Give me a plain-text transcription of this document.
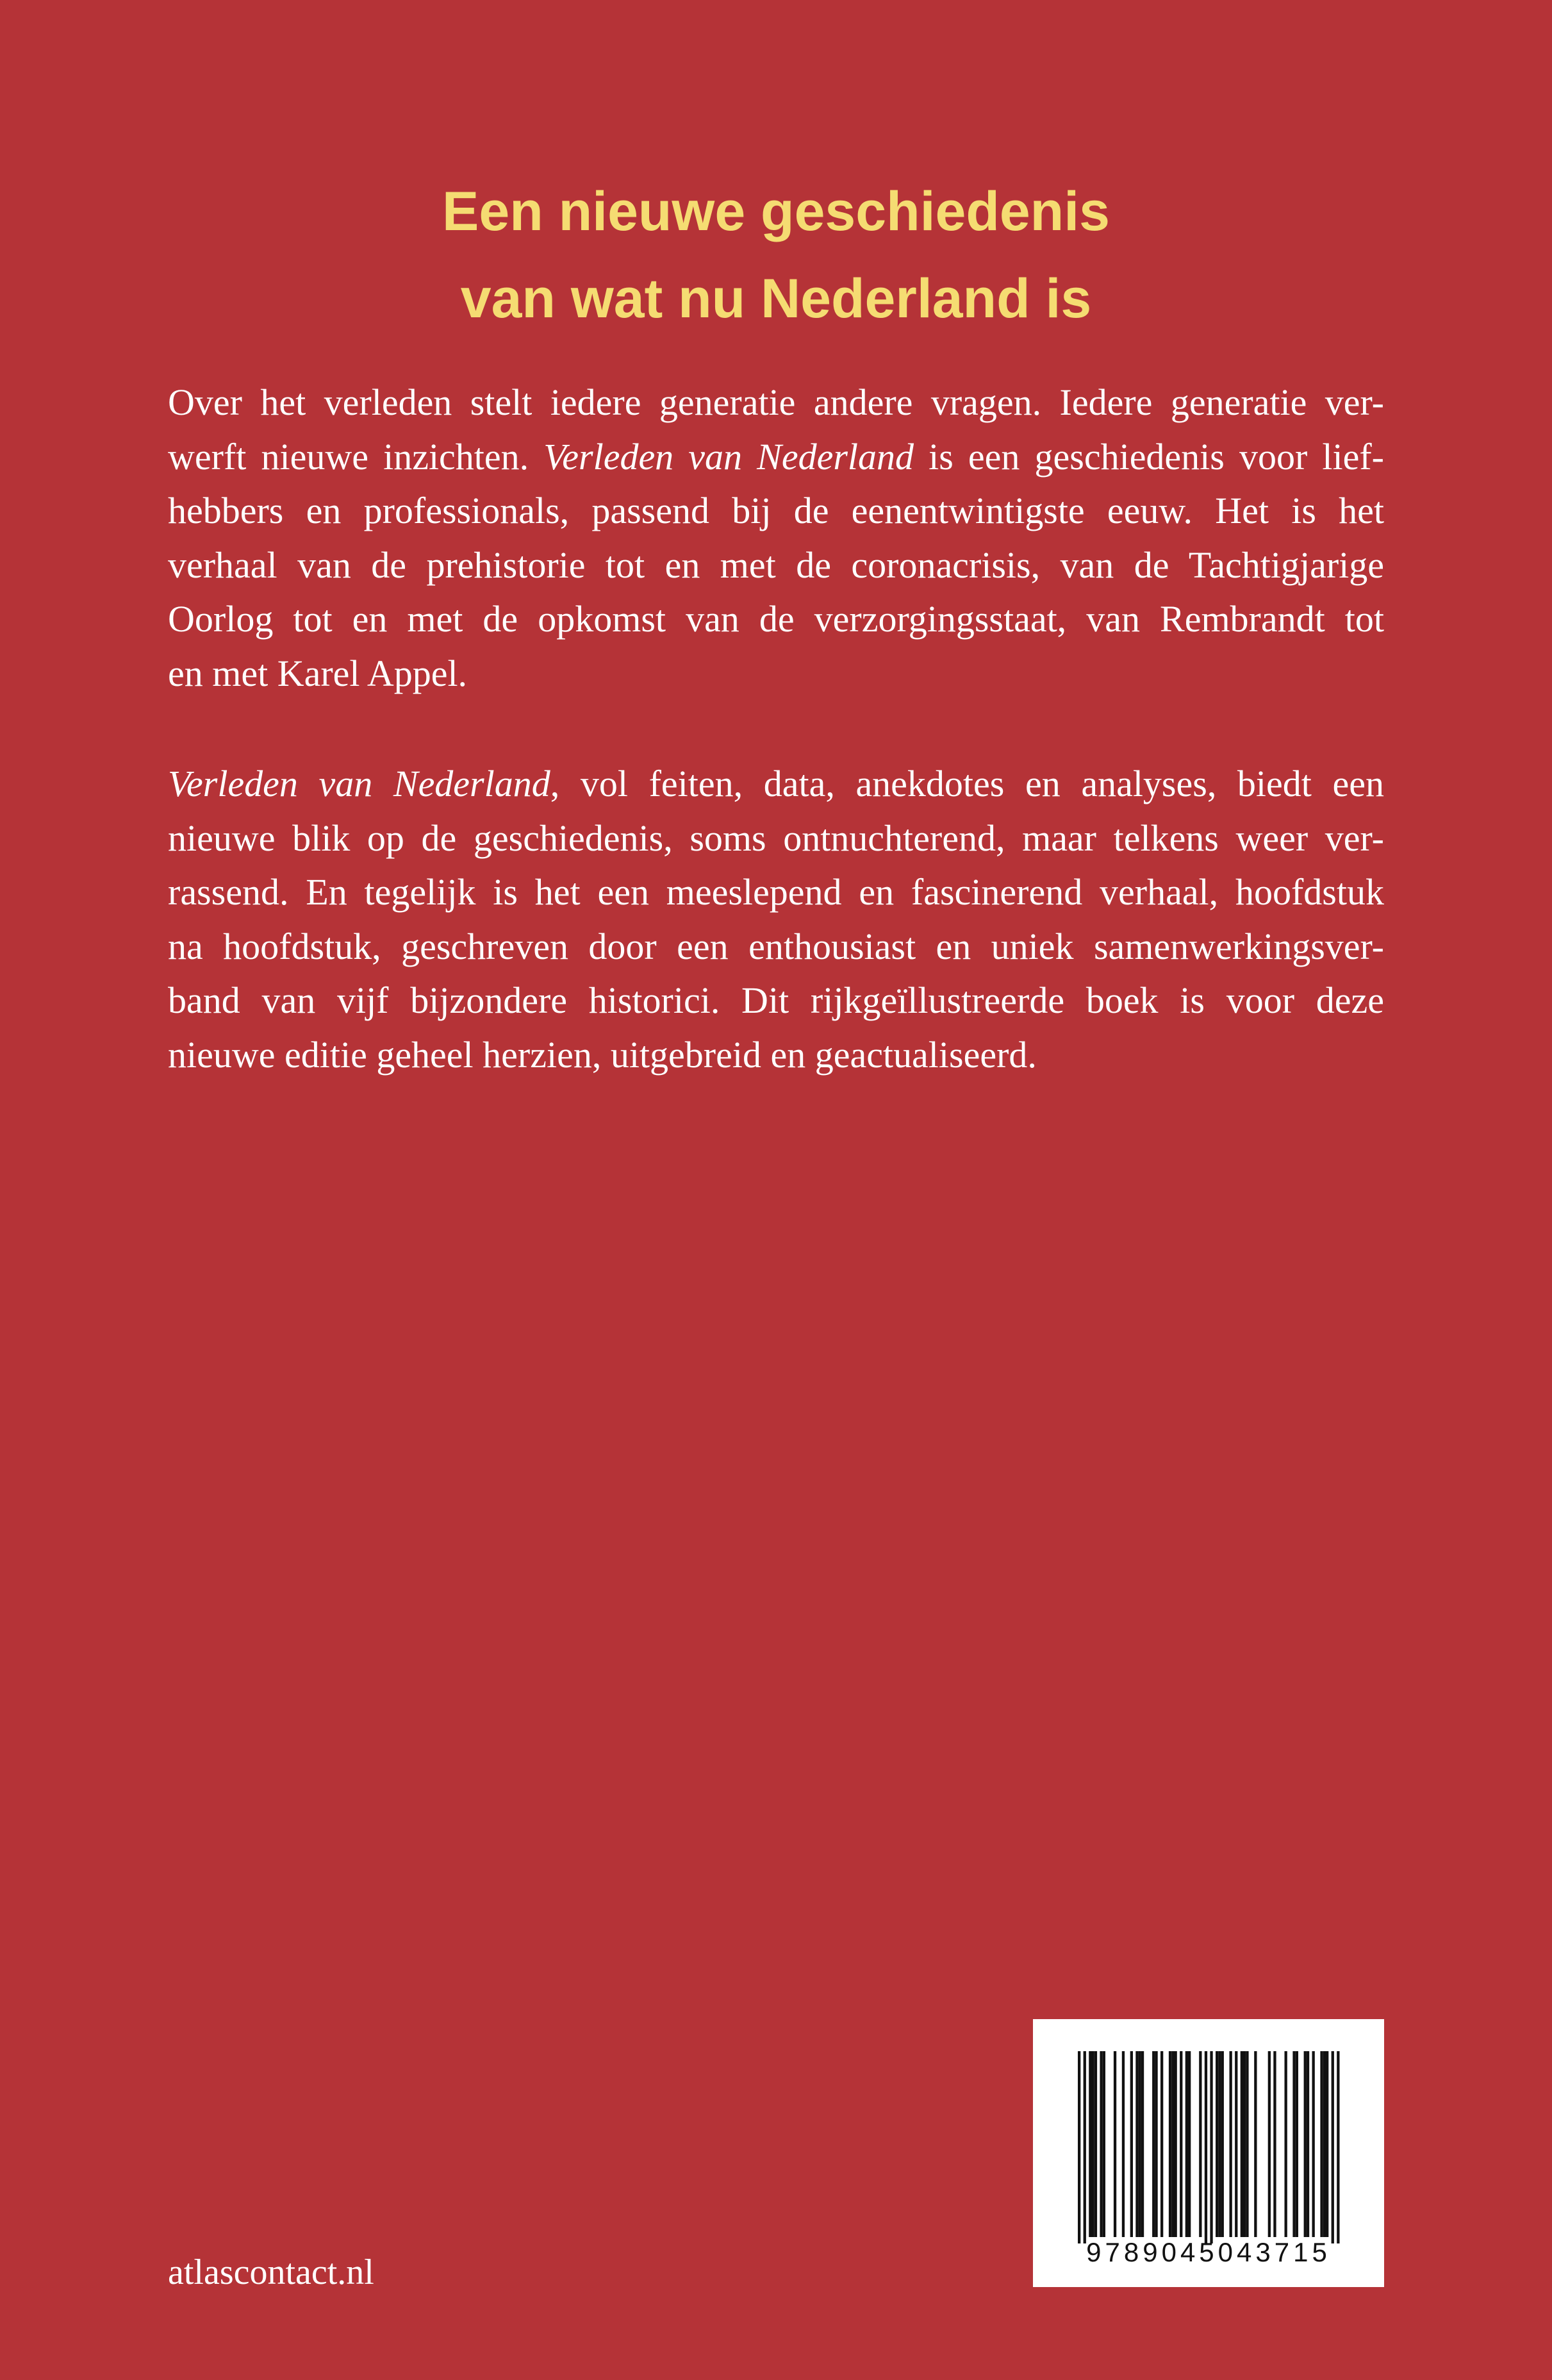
Een nieuwe geschiedenis
van wat nu Nederland is
Over het verleden stelt iedere generatie andere vragen. Iedere generatie ver-
werft nieuwe inzichten. Verleden van Nederland is een geschiedenis voor lief-
hebbers en professionals, passend bij de eenentwintigste eeuw. Het is het
verhaal van de prehistorie tot en met de coronacrisis, van de Tachtigjarige
Oorlog tot en met de opkomst van de verzorgingsstaat, van Rembrandt tot
en met Karel Appel.
Verleden van Nederland, vol feiten, data, anekdotes en analyses, biedt een
nieuwe blik op de geschiedenis, soms ontnuchterend, maar telkens weer ver-
rassend. En tegelijk is het een meeslepend en fascinerend verhaal, hoofdstuk
na hoofdstuk, geschreven door een enthousiast en uniek samenwerkingsver-
band van vijf bijzondere historici. Dit rijkgeïllustreerde boek is voor deze
nieuwe editie geheel herzien, uitgebreid en geactualiseerd.
atlascontact.nl
9789045043715
